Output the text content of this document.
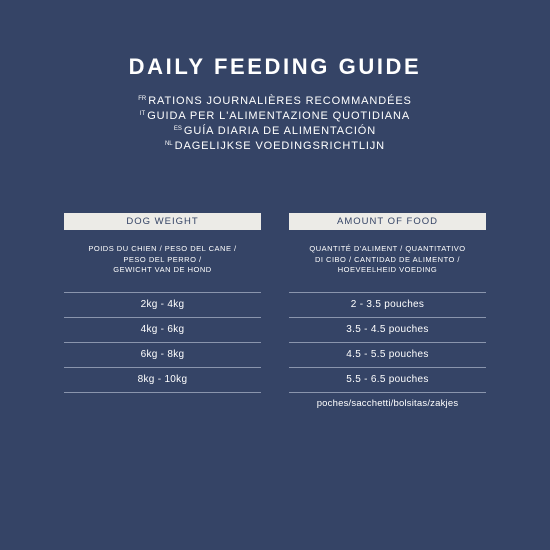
DAILY FEEDING GUIDE
$^{FR}$ RATIONS JOURNALIÈRES RECOMMANDÉES
$^{IT}$ GUIDA PER L'ALIMENTAZIONE QUOTIDIANA
$^{ES}$ GUÍA DIARIA DE ALIMENTACIÓN
$^{NL}$ DAGELIJKSE VOEDINGSRICHTLIJN
DOG WEIGHT
POIDS DU CHIEN / PESO DEL CANE /
PESO DEL PERRO /
GEWICHT VAN DE HOND
2kg - 4kg
4kg - 6kg
6kg - 8kg
8kg - 10kg
AMOUNT OF FOOD
QUANTITÉ D'ALIMENT / QUANTITATIVO
DI CIBO / CANTIDAD DE ALIMENTO /
HOEVEELHEID VOEDING
2 - 3.5 pouches
3.5 - 4.5 pouches
4.5 - 5.5 pouches
5.5 - 6.5 pouches
poches/sacchetti/bolsitas/zakjes
